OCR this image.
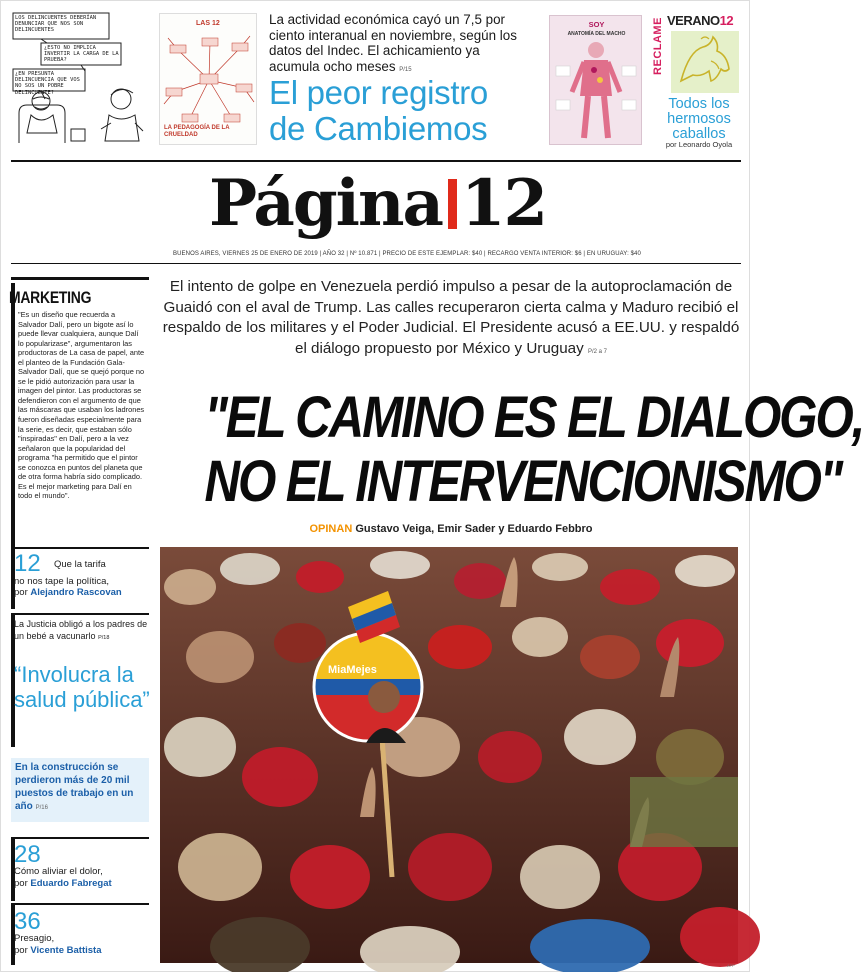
LOS DELINCUENTES DEBERÍAN DENUNCIAR QUE NOS SON DELINCUENTES
¿ESTO NO IMPLICA INVERTIR LA CARGA DE LA PRUEBA?
¿EN PRESUNTA DELINCUENCIA QUE VOS NO SOS UN POBRE DELINCUENTE?
LAS 12
LA PEDAGOGÍA DE LA CRUELDAD
La actividad económica cayó un 7,5 por ciento interanual en noviembre, según los datos del Indec. El achicamiento ya acumula ocho meses P/15
El peor registro
de Cambiemos
SOY
ANATOMÍA DEL MACHO	RECLAME VERANO12
Todos los hermosos caballos
por Leonardo Oyola
Página 12
BUENOS AIRES, VIERNES 25 DE ENERO DE 2019 | AÑO 32 | Nº 10.871 | PRECIO DE ESTE EJEMPLAR: $40 | RECARGO VENTA INTERIOR: $6 | EN URUGUAY: $40
MARKETING
"Es un diseño que recuerda a Salvador Dalí, pero un bigote así lo puede llevar cualquiera, aunque Dalí lo popularizase", argumentaron las productoras de La casa de papel, ante el planteo de la Fundación Gala-Salvador Dalí, que se quejó porque no se le pidió autorización para usar la imagen del pintor. Las productoras se defendieron con el argumento de que las máscaras que usaban los ladrones fueron diseñadas especialmente para la serie, es decir, que estaban sólo "inspiradas" en Dalí, pero a la vez señalaron que la popularidad del programa "ha permitido que el pintor se conozca en puntos del planeta que de otra forma habría sido complicado. Es el mejor marketing para Dalí en todo el mundo".
12 Que la tarifa
no nos tape la política,
por Alejandro Rascovan
La Justicia obligó a los padres de un bebé a vacunarlo P/18
“Involucra la salud pública”
En la construcción se perdieron más de 20 mil puestos de trabajo en un año P/16
28
Cómo aliviar el dolor,
por Eduardo Fabregat
36
Presagio,
por Vicente Battista
El intento de golpe en Venezuela perdió impulso a pesar de la autoproclamación de Guaidó con el aval de Trump. Las calles recuperaron cierta calma y Maduro recibió el respaldo de los militares y el Poder Judicial. El Presidente acusó a EE.UU. y respaldó el diálogo propuesto por México y Uruguay P/2 a 7
"EL CAMINO ES EL DIALOGO,
NO EL INTERVENCIONISMO"
OPINAN Gustavo Veiga, Emir Sader y Eduardo Febbro
MiaMejes
AFP
